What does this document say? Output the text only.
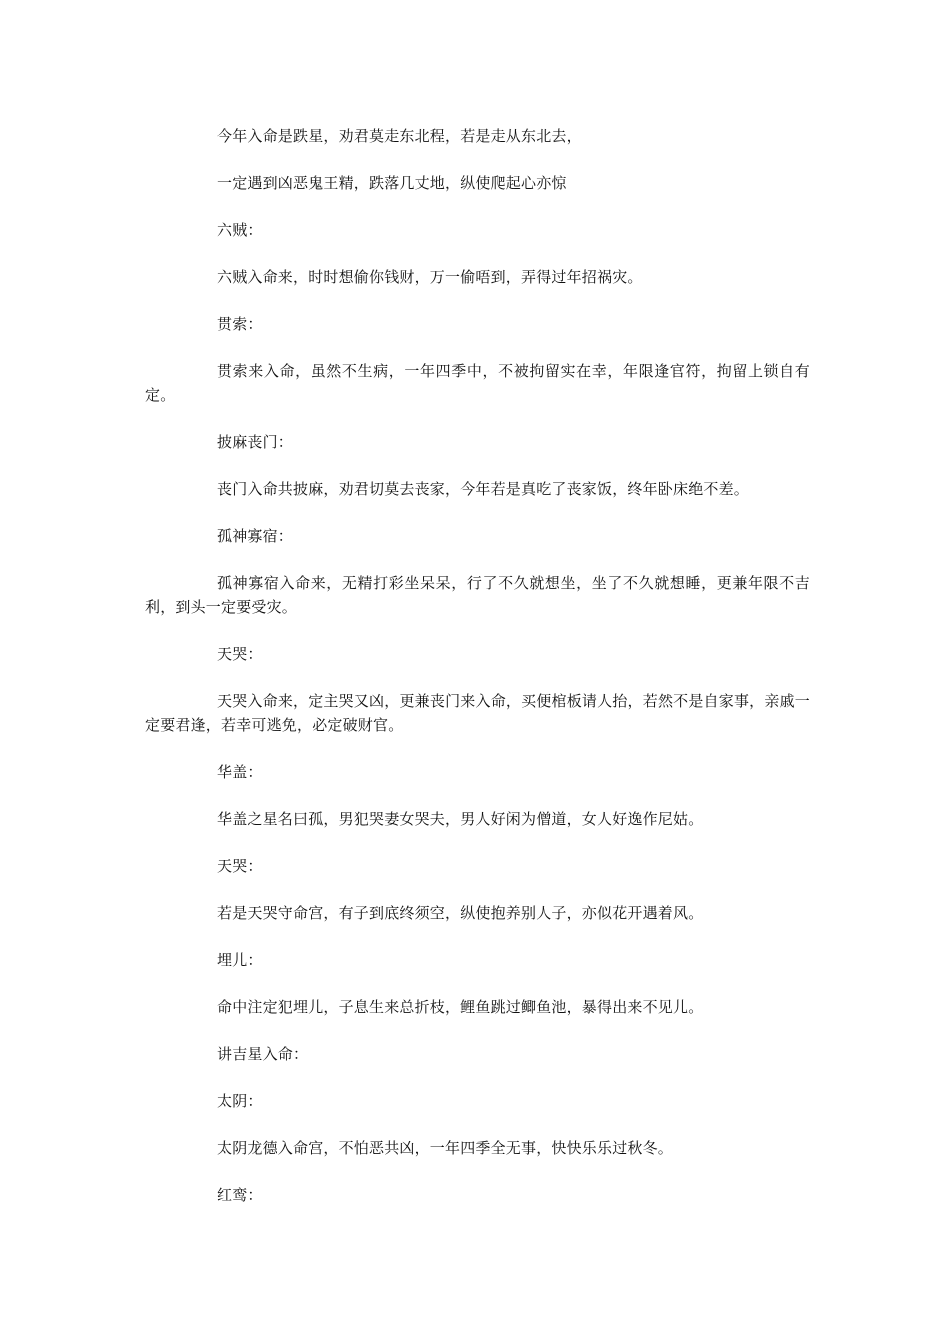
今年入命是跌星，劝君莫走东北程，若是走从东北去，

一定遇到凶恶鬼王精，跌落几丈地，纵使爬起心亦惊

六贼：

六贼入命来，时时想偷你钱财，万一偷唔到，弄得过年招祸灾。

贯索：

贯索来入命，虽然不生病，一年四季中，不被拘留实在幸，年限逢官符，拘留上锁自有定。

披麻丧门：

丧门入命共披麻，劝君切莫去丧家，今年若是真吃了丧家饭，终年卧床绝不差。

孤神寡宿：

孤神寡宿入命来，无精打彩坐呆呆，行了不久就想坐，坐了不久就想睡，更兼年限不吉利，到头一定要受灾。

天哭：

天哭入命来，定主哭又凶，更兼丧门来入命，买便棺板请人抬，若然不是自家事，亲戚一定要君逢，若幸可逃免，必定破财官。

华盖：

华盖之星名曰孤，男犯哭妻女哭夫，男人好闲为僧道，女人好逸作尼姑。

天哭：

若是天哭守命宫，有子到底终须空，纵使抱养别人子，亦似花开遇着风。

埋儿：

命中注定犯埋儿，子息生来总折枝，鲤鱼跳过鲫鱼池，暴得出来不见儿。

讲吉星入命：

太阴：

太阴龙德入命宫，不怕恶共凶，一年四季全无事，快快乐乐过秋冬。

红鸾：
